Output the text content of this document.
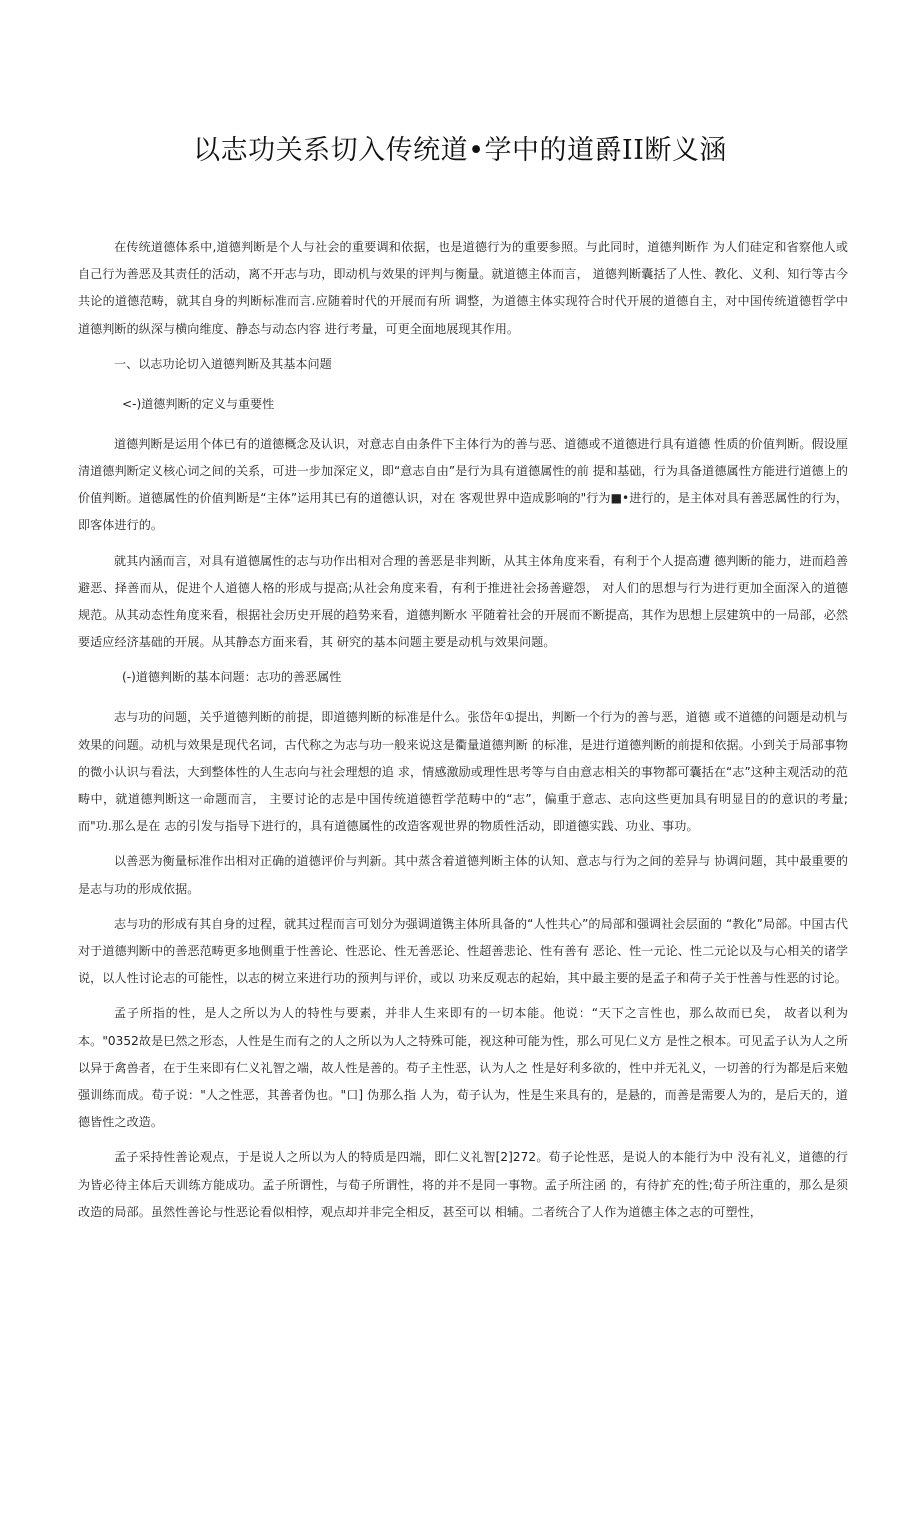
以志功关系切入传统道•学中的道爵II断义涵

在传统道德体系中,道德判断是个人与社会的重要调和依据，也是道德行为的重要参照。与此同时，道德判断作 为人们硅定和省察他人或自己行为善恶及其责任的活动，离不开志与功，即动机与效果的评判与衡量。就道德主体而言， 道德判断囊括了人性、教化、义利、知行等古今共论的道德范畴，就其自身的判断标准而言.应随着时代的开展而有所 调整，为道德主体实现符合时代开展的道德自主，对中国传统道德哲学中道德判断的纵深与横向维度、静态与动态内容 进行考量，可更全面地展现其作用。

一、以志功论切入道德判断及其基本问题

<-)道德判断的定义与重要性

道德判断是运用个体已有的道德概念及认识，对意志自由条件下主体行为的善与恶、道德或不道德进行具有道德 性质的价值判断。假设厘清道德判断定义核心词之间的关系，可进一步加深定义，即“意志自由”是行为具有道德属性的前 提和基础，行为具备道德属性方能进行道德上的价值判断。道德属性的价值判断是“主体”运用其已有的道德认识，对在 客观世界中造成影响的"行为■•进行的，是主体对具有善恶属性的行为，即客体进行的。

就其内涵而言，对具有道德属性的志与功作出相对合理的善恶是非判断，从其主体角度来看，有利于个人提高遭 德判断的能力，进而趋善避恶、择善而从，促进个人道德人格的形成与提高;从社会角度来看，有利于推进社会扬善避怨， 对人们的思想与行为进行更加全面深入的道德规范。从其动态性角度来看，根据社会历史开展的趋势来看，道德判断水 平随着社会的开展而不断提高，其作为思想上层建筑中的一局部，必然要适应经济基础的开展。从其静态方面来看，其 研究的基本问题主要是动机与效果问题。

(-)道德判断的基本问题：志功的善恶属性

志与功的问题，关乎道德判断的前提，即道德判断的标准是什么。张岱年①提出，判断一个行为的善与恶，道德 或不道德的问题是动机与效果的问题。动机与效果是现代名词，古代称之为志与功一般来说这是衢量道德判断 的标准，是进行道德判断的前提和依据。小到关于局部事物的微小认识与看法，大到整体性的人生志向与社会理想的追 求，情感激励或理性思考等与自由意志相关的事物都可囊括在“志”这种主观活动的范畴中，就道德判断这一命题而言， 主要讨论的志是中国传统道德哲学范畴中的“志”，偏重于意志、志向这些更加具有明显目的的意识的考量;而"功.那么是在 志的引发与指导下进行的，具有道德属性的改造客观世界的物质性活动，即道德实践、功业、事功。

以善恶为衡量标准作出相对正确的道德评价与判新。其中蒸含着道德判断主体的认知、意志与行为之间的差异与 协调问题，其中最重要的是志与功的形成依据。

志与功的形成有其自身的过程，就其过程而言可划分为强调道镌主体所具备的“人性共心”的局部和强调社会层面的 “教化”局部。中国古代对于道德判断中的善恶范畴更多地侧重于性善论、性恶论、性无善恶论、性超善悲论、性有善有 恶论、性一元论、性二元论以及与心相关的诸学说，以人性讨论志的可能性，以志的树立来进行功的预判与评价，或以 功来反观志的起始，其中最主要的是孟子和荷子关于性善与性恶的讨论。

孟子所指的性，是人之所以为人的特性与要素，并非人生来即有的一切本能。他说：“天下之言性也，那么故而已矣， 故者以利为本。"0352故是巳然之形态，人性是生而有之的人之所以为人之特殊可能，视这种可能为性，那么可见仁义方 是性之根本。可见孟子认为人之所以异于禽兽者，在于生来即有仁义礼智之端，故人性是善的。苟子主性恶，认为人之 性是好利多欲的，性中并无礼义，一切善的行为都是后来勉强训练而成。荀子说："人之性恶，其善者伪也。"口] 伪那么指 人为，荀子认为，性是生来具有的，是悬的，而善是需要人为的，是后天的，道德皆性之改造。

孟子采持性善论观点，于是说人之所以为人的特质是四端，即仁义礼智[2]272。荀子论性恶，是说人的本能行为中 没有礼义，道德的行为皆必待主体后天训练方能成功。孟子所谓性，与荀子所谓性，将的并不是同一事物。孟子所注函 的，有待扩充的性;荀子所注重的，那么是须改造的局部。虽然性善论与性恶论看似相悖，观点却并非完全相反，甚至可以 相辅。二者统合了人作为道德主体之志的可塑性，
